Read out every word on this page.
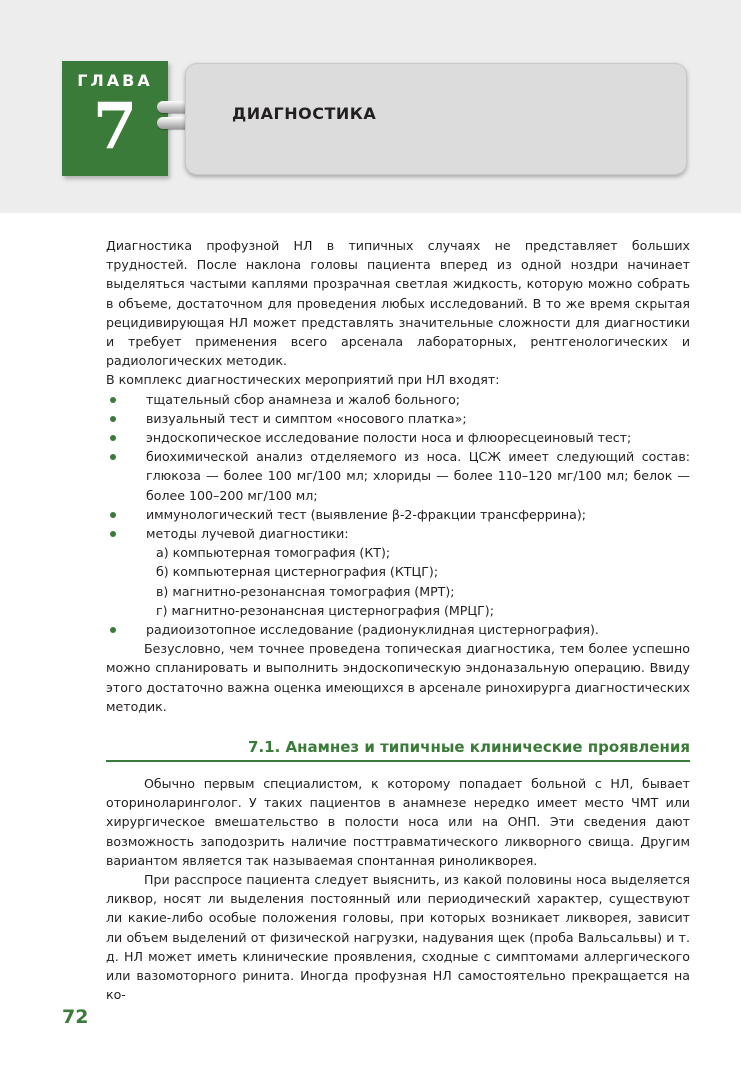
ГЛАВА
7	ДИАГНОСТИКА

Диагностика профузной НЛ в типичных случаях не представляет больших трудностей. После наклона головы пациента вперед из одной ноздри начинает выделяться частыми каплями прозрачная светлая жидкость, которую можно собрать в объеме, достаточном для проведения любых исследований. В то же время скрытая рецидивирующая НЛ может представлять значительные сложности для диагностики и требует применения всего арсенала лабораторных, рентгенологических и радиологических методик.

В комплекс диагностических мероприятий при НЛ входят:

тщательный сбор анамнеза и жалоб больного;
визуальный тест и симптом «носового платка»;
эндоскопическое исследование полости носа и флюоресцеиновый тест;
биохимической анализ отделяемого из носа. ЦСЖ имеет следующий состав: глюкоза — более 100 мг/100 мл; хлориды — более 110–120 мг/100 мл; белок — более 100–200 мг/100 мл;
иммунологический тест (выявление β-2-фракции трансферрина);
методы лучевой диагностики:
а) компьютерная томография (КТ);
б) компьютерная цистернография (КТЦГ);
в) магнитно-резонансная томография (МРТ);
г) магнитно-резонансная цистернография (МРЦГ);
радиоизотопное исследование (радионуклидная цистернография).

Безусловно, чем точнее проведена топическая диагностика, тем более успешно можно спланировать и выполнить эндоскопическую эндоназальную операцию. Ввиду этого достаточно важна оценка имеющихся в арсенале ринохирурга диагностических методик.

7.1. Анамнез и типичные клинические проявления

Обычно первым специалистом, к которому попадает больной с НЛ, бывает оториноларинголог. У таких пациентов в анамнезе нередко имеет место ЧМТ или хирургическое вмешательство в полости носа или на ОНП. Эти сведения дают возможность заподозрить наличие посттравматического ликворного свища. Другим вариантом является так называемая спонтанная риноликворея.

При расспросе пациента следует выяснить, из какой половины носа выделяется ликвор, носят ли выделения постоянный или периодический характер, существуют ли какие-либо особые положения головы, при которых возникает ликворея, зависит ли объем выделений от физической нагрузки, надувания щек (проба Вальсальвы) и т. д. НЛ может иметь клинические проявления, сходные с симптомами аллергического или вазомоторного ринита. Иногда профузная НЛ самостоятельно прекращается на ко-

72
